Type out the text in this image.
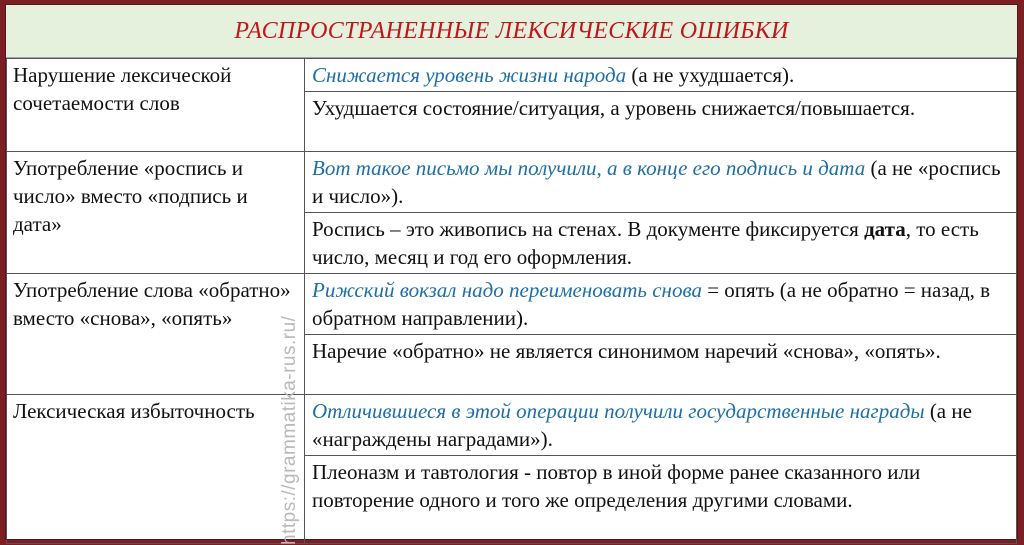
РАСПРОСТРАНЕННЫЕ ЛЕКСИЧЕСКИЕ ОШИБКИ
Нарушение лексической сочетаемости слов	Снижается уровень жизни народа (а не ухудшается).
	Ухудшается состояние/ситуация, а уровень снижается/повышается.
Употребление «роспись и число» вместо «подпись и дата»	Вот такое письмо мы получили, а в конце его подпись и дата (а не «роспись и число»).
	Роспись – это живопись на стенах. В документе фиксируется дата, то есть число, месяц и год его оформления.
Употребление слова «обратно» вместо «снова», «опять»	Рижский вокзал надо переименовать снова = опять (а не обратно = назад, в обратном направлении).
	Наречие «обратно» не является синонимом наречий «снова», «опять».
Лексическая избыточность	Отличившиеся в этой операции получили государственные награды (а не «награждены наградами»).
	Плеоназм и тавтология - повтор в иной форме ранее сказанного или повторение одного и того же определения другими словами.
https://grammatika-rus.ru/
